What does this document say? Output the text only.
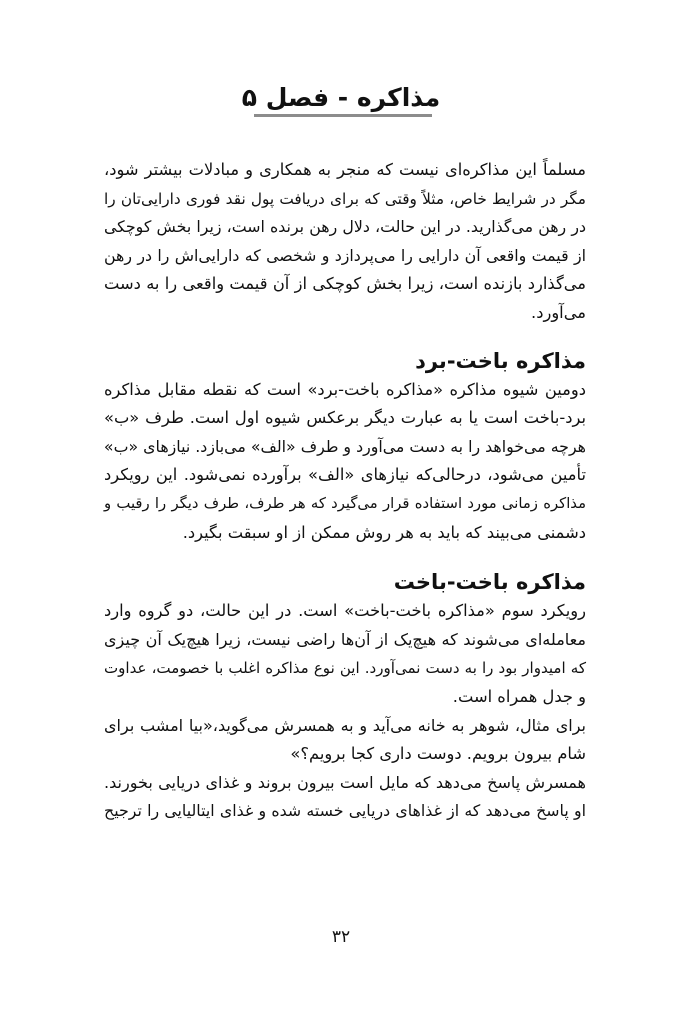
مذاکره - فصل ۵

مسلماً این مذاکره‌ای نیست که منجر به همکاری و مبادلات بیشتر شود،
مگر در شرایط خاص، مثلاً وقتی که برای دریافت پول نقد فوری دارایی‌تان را
در رهن می‌گذارید. در این حالت، دلال رهن برنده است، زیرا بخش کوچکی
از قیمت واقعی آن دارایی را می‌پردازد و شخصی که دارایی‌اش را در رهن
می‌گذارد بازنده است، زیرا بخش کوچکی از آن قیمت واقعی را به دست
می‌آورد.

مذاکره باخت-برد

دومین شیوه مذاکره «مذاکره باخت-برد» است که نقطه مقابل مذاکره
برد-باخت است یا به عبارت دیگر برعکس شیوه اول است. طرف «ب»
هرچه می‌خواهد را به دست می‌آورد و طرف «الف» می‌بازد. نیازهای «ب»
تأمین می‌شود، درحالی‌که نیازهای «الف» برآورده نمی‌شود. این رویکرد
مذاکره زمانی مورد استفاده قرار می‌گیرد که هر طرف، طرف دیگر را رقیب و
دشمنی می‌بیند که باید به هر روش ممکن از او سبقت بگیرد.

مذاکره باخت-باخت

رویکرد سوم «مذاکره باخت-باخت» است. در این حالت، دو گروه وارد
معامله‌ای می‌شوند که هیچ‌یک از آن‌ها راضی نیست، زیرا هیچ‌یک آن چیزی
که امیدوار بود را به دست نمی‌آورد. این نوع مذاکره اغلب با خصومت، عداوت
و جدل همراه است.

برای مثال، شوهر به خانه می‌آید و به همسرش می‌گوید،«بیا امشب برای
شام بیرون برویم. دوست داری کجا برویم؟»

همسرش پاسخ می‌دهد که مایل است بیرون بروند و غذای دریایی بخورند.
او پاسخ می‌دهد که از غذاهای دریایی خسته شده و غذای ایتالیایی را ترجیح

۳۲
